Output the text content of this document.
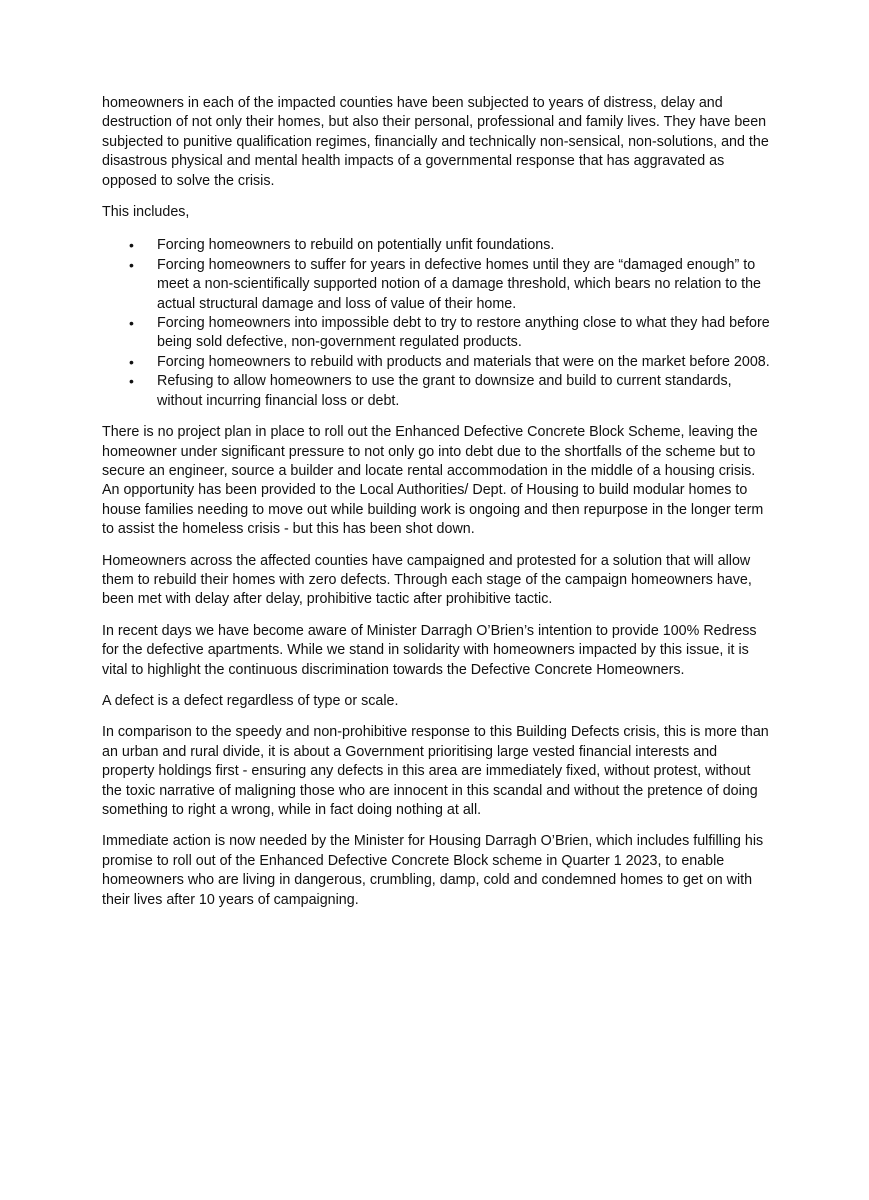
homeowners in each of the impacted counties have been subjected to years of distress, delay and destruction of not only their homes, but also their personal, professional and family lives. They have been subjected to punitive qualification regimes, financially and technically non-sensical, non-solutions, and the disastrous physical and mental health impacts of a governmental response that has aggravated as opposed to solve the crisis.

This includes,

• Forcing homeowners to rebuild on potentially unfit foundations.
• Forcing homeowners to suffer for years in defective homes until they are “damaged enough” to meet a non-scientifically supported notion of a damage threshold, which bears no relation to the actual structural damage and loss of value of their home.
• Forcing homeowners into impossible debt to try to restore anything close to what they had before being sold defective, non-government regulated products.
• Forcing homeowners to rebuild with products and materials that were on the market before 2008.
• Refusing to allow homeowners to use the grant to downsize and build to current standards, without incurring financial loss or debt.

There is no project plan in place to roll out the Enhanced Defective Concrete Block Scheme, leaving the homeowner under significant pressure to not only go into debt due to the shortfalls of the scheme but to secure an engineer, source a builder and locate rental accommodation in the middle of a housing crisis. An opportunity has been provided to the Local Authorities/ Dept. of Housing to build modular homes to house families needing to move out while building work is ongoing and then repurpose in the longer term to assist the homeless crisis - but this has been shot down.

Homeowners across the affected counties have campaigned and protested for a solution that will allow them to rebuild their homes with zero defects. Through each stage of the campaign homeowners have, been met with delay after delay, prohibitive tactic after prohibitive tactic.

In recent days we have become aware of Minister Darragh O’Brien’s intention to provide 100% Redress for the defective apartments. While we stand in solidarity with homeowners impacted by this issue, it is vital to highlight the continuous discrimination towards the Defective Concrete Homeowners.

A defect is a defect regardless of type or scale.

In comparison to the speedy and non-prohibitive response to this Building Defects crisis, this is more than an urban and rural divide, it is about a Government prioritising large vested financial interests and property holdings first - ensuring any defects in this area are immediately fixed, without protest, without the toxic narrative of maligning those who are innocent in this scandal and without the pretence of doing something to right a wrong, while in fact doing nothing at all.

Immediate action is now needed by the Minister for Housing Darragh O’Brien, which includes fulfilling his promise to roll out of the Enhanced Defective Concrete Block scheme in Quarter 1 2023, to enable homeowners who are living in dangerous, crumbling, damp, cold and condemned homes to get on with their lives after 10 years of campaigning.
